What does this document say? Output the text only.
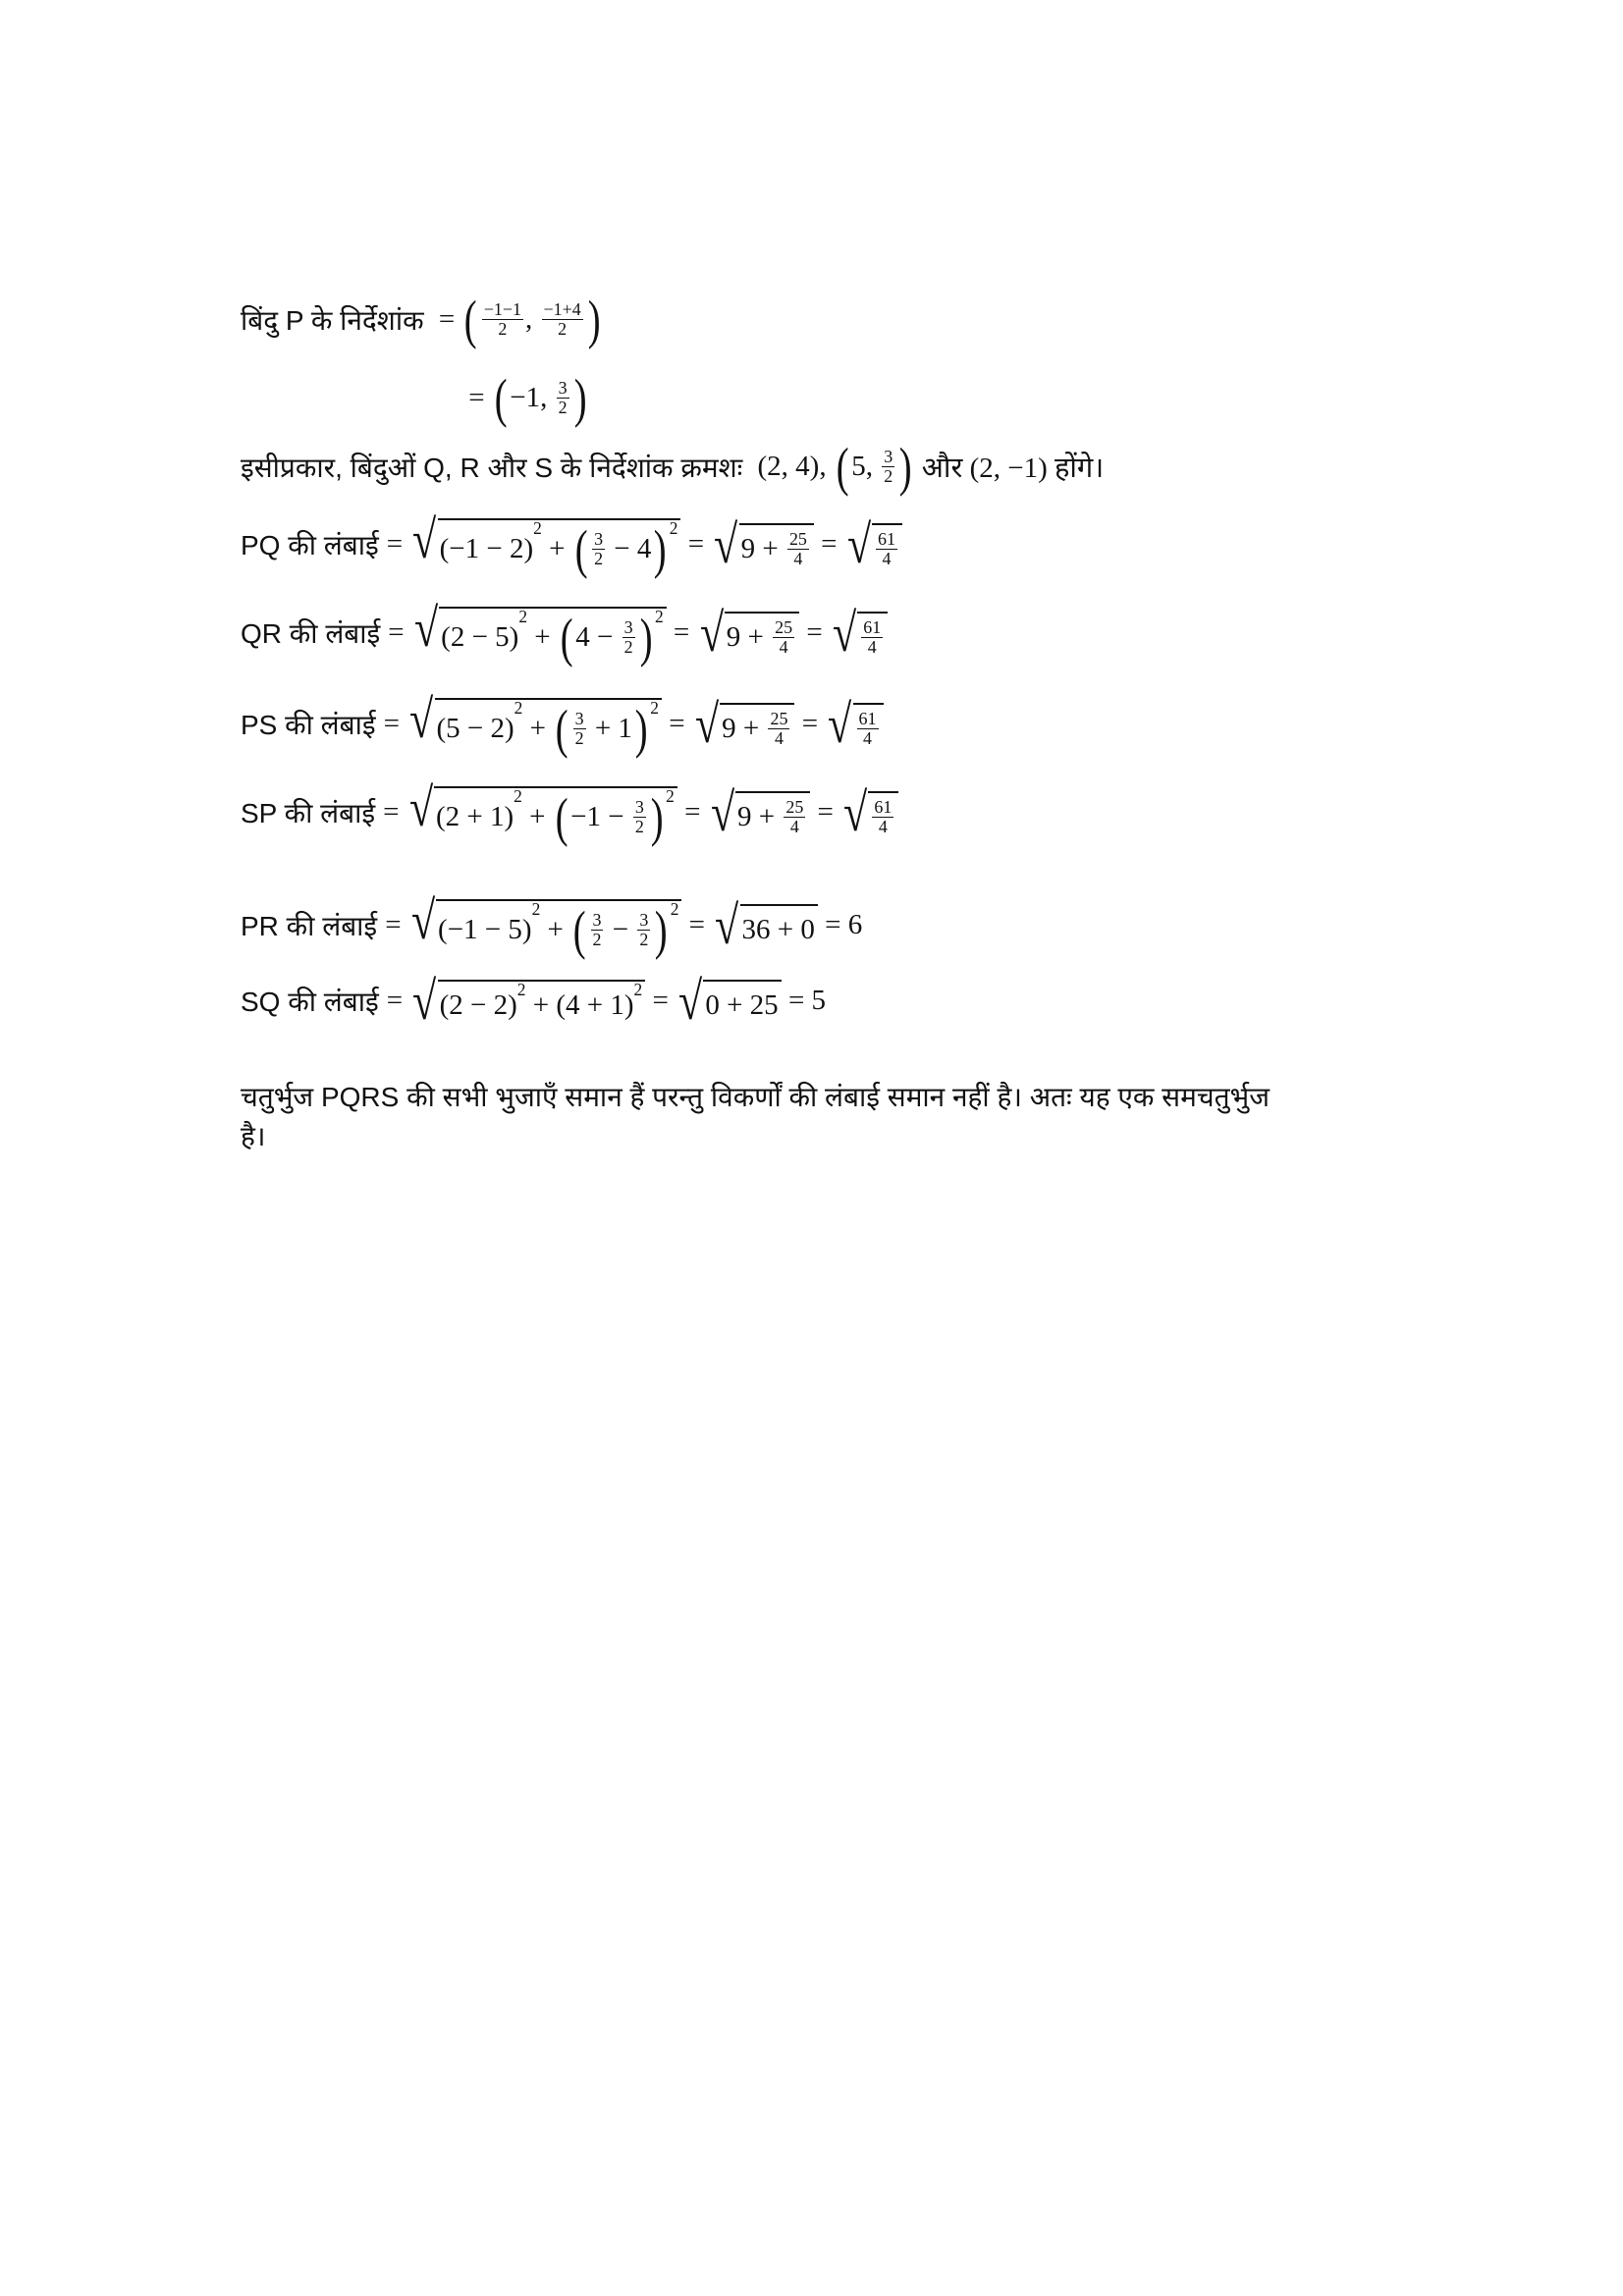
बिंदु P के निर्देशांक = ( $\frac{-1-1}{2}$ , $\frac{-1+4}{2}$ )
= ( −1, $\frac{3}{2}$ )
इसीप्रकार, बिंदुओं Q, R और S के निर्देशांक क्रमशः (2, 4), ( 5, $\frac{3}{2}$ ) और (2, −1) होंगे।
PQ की लंबाई = √ (−1 − 2)
2
+ ( $\frac{3}{2} - 4$ ) 2
= √ $9 + \frac{25}{4}$ = √ $\frac{61}{4}$
QR की लंबाई = √ (2 − 5)
2
+ ( $4 - \frac{3}{2}$ ) 2
= √ $9 + \frac{25}{4}$ = √ $\frac{61}{4}$
PS की लंबाई = √ (5 − 2)
2
+ ( $\frac{3}{2} + 1$ ) 2
= √ $9 + \frac{25}{4}$ = √ $\frac{61}{4}$
SP की लंबाई = √ (2 + 1)
2
+ ( $-1 - \frac{3}{2}$ ) 2
= √ $9 + \frac{25}{4}$ = √ $\frac{61}{4}$
PR की लंबाई = √ (−1 − 5)
2
+ ( $\frac{3}{2} - \frac{3}{2}$ ) 2
= √ 36 + 0 = 6
SQ की लंबाई = √ (2 − 2)
2
+ (4 + 1)
2 = √ 0 + 25 = 5
चतुर्भुज PQRS की सभी भुजाएँ समान हैं परन्तु विकर्णों की लंबाई समान नहीं है। अतः यह एक समचतुर्भुज
है।
